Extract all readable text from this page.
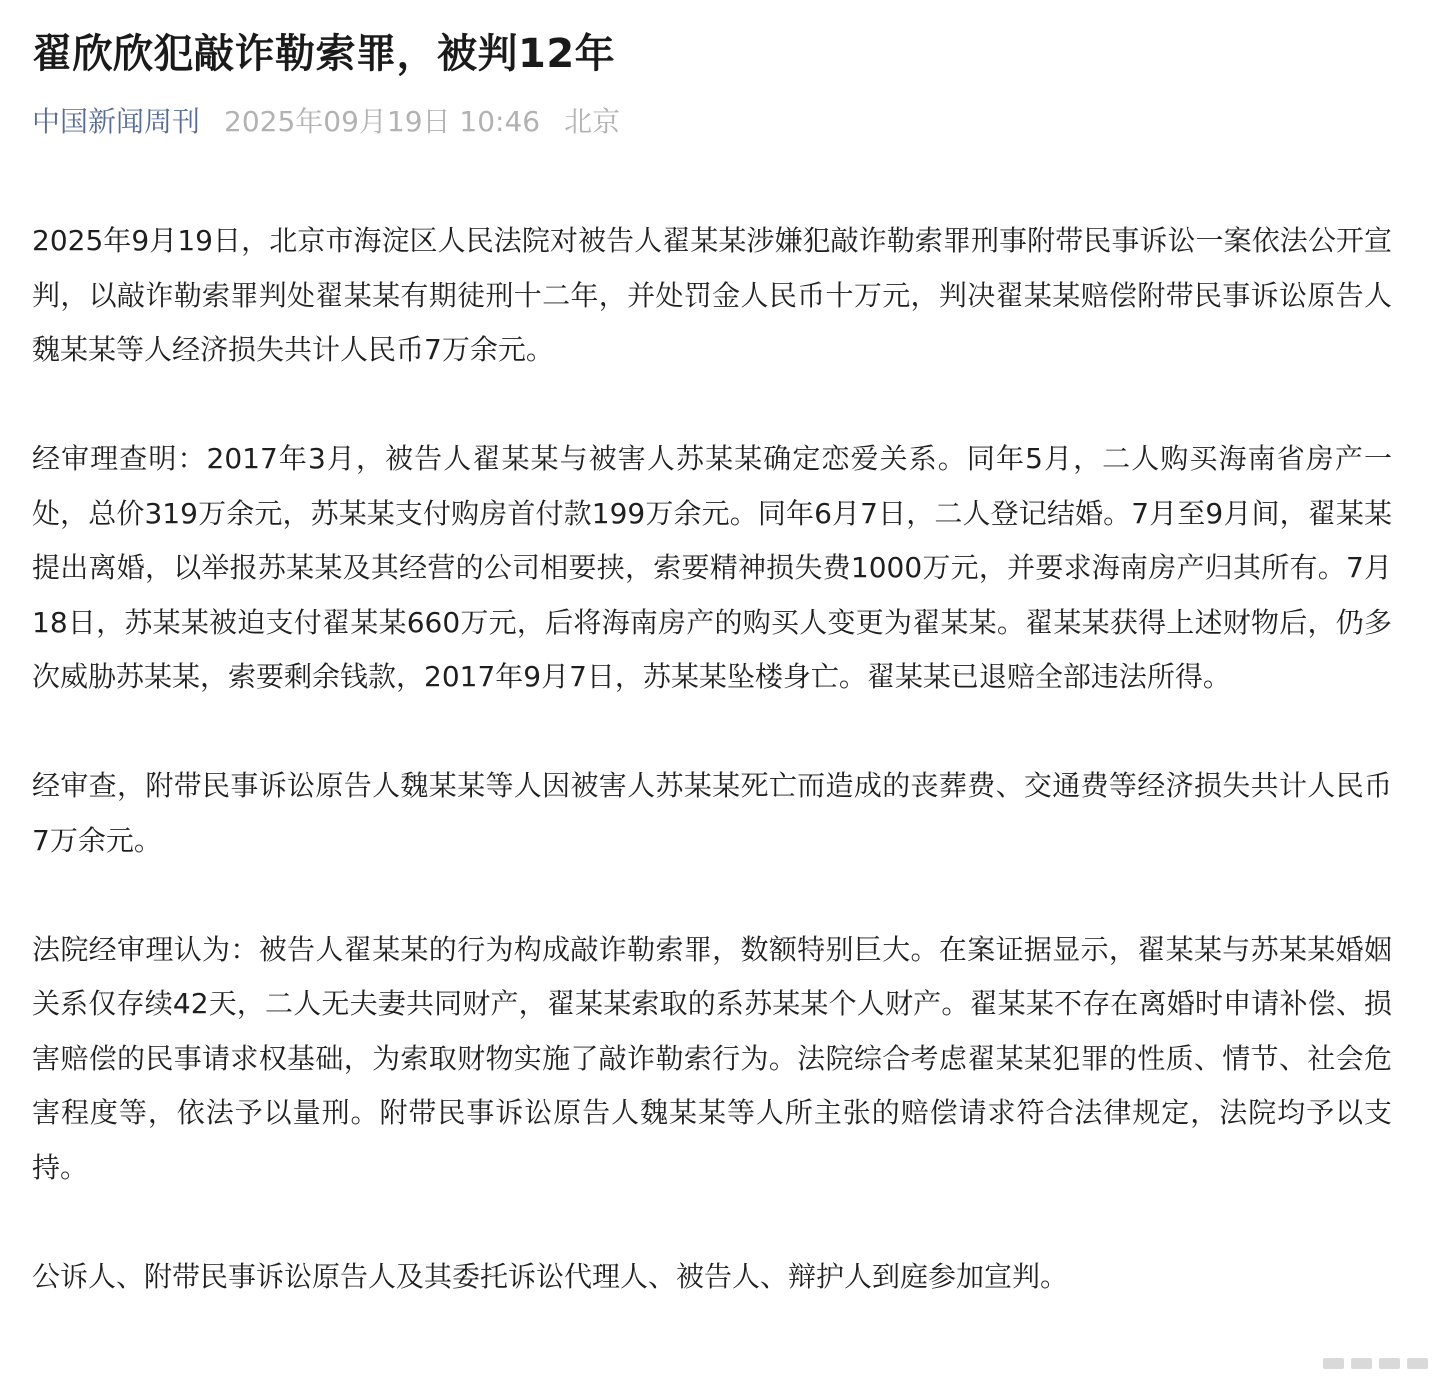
翟欣欣犯敲诈勒索罪，被判12年
中国新闻周刊 2025年09月19日 10:46 北京

2025年9月19日，北京市海淀区人民法院对被告人翟某某涉嫌犯敲诈勒索罪刑事附带民事诉讼一案依法公开宣判，以敲诈勒索罪判处翟某某有期徒刑十二年，并处罚金人民币十万元，判决翟某某赔偿附带民事诉讼原告人魏某某等人经济损失共计人民币7万余元。

经审理查明：2017年3月，被告人翟某某与被害人苏某某确定恋爱关系。同年5月，二人购买海南省房产一处，总价319万余元，苏某某支付购房首付款199万余元。同年6月7日，二人登记结婚。7月至9月间，翟某某提出离婚，以举报苏某某及其经营的公司相要挟，索要精神损失费1000万元，并要求海南房产归其所有。7月18日，苏某某被迫支付翟某某660万元，后将海南房产的购买人变更为翟某某。翟某某获得上述财物后，仍多次威胁苏某某，索要剩余钱款，2017年9月7日，苏某某坠楼身亡。翟某某已退赔全部违法所得。

经审查，附带民事诉讼原告人魏某某等人因被害人苏某某死亡而造成的丧葬费、交通费等经济损失共计人民币7万余元。

法院经审理认为：被告人翟某某的行为构成敲诈勒索罪，数额特别巨大。在案证据显示，翟某某与苏某某婚姻关系仅存续42天，二人无夫妻共同财产，翟某某索取的系苏某某个人财产。翟某某不存在离婚时申请补偿、损害赔偿的民事请求权基础，为索取财物实施了敲诈勒索行为。法院综合考虑翟某某犯罪的性质、情节、社会危害程度等，依法予以量刑。附带民事诉讼原告人魏某某等人所主张的赔偿请求符合法律规定，法院均予以支持。

公诉人、附带民事诉讼原告人及其委托诉讼代理人、被告人、辩护人到庭参加宣判。
